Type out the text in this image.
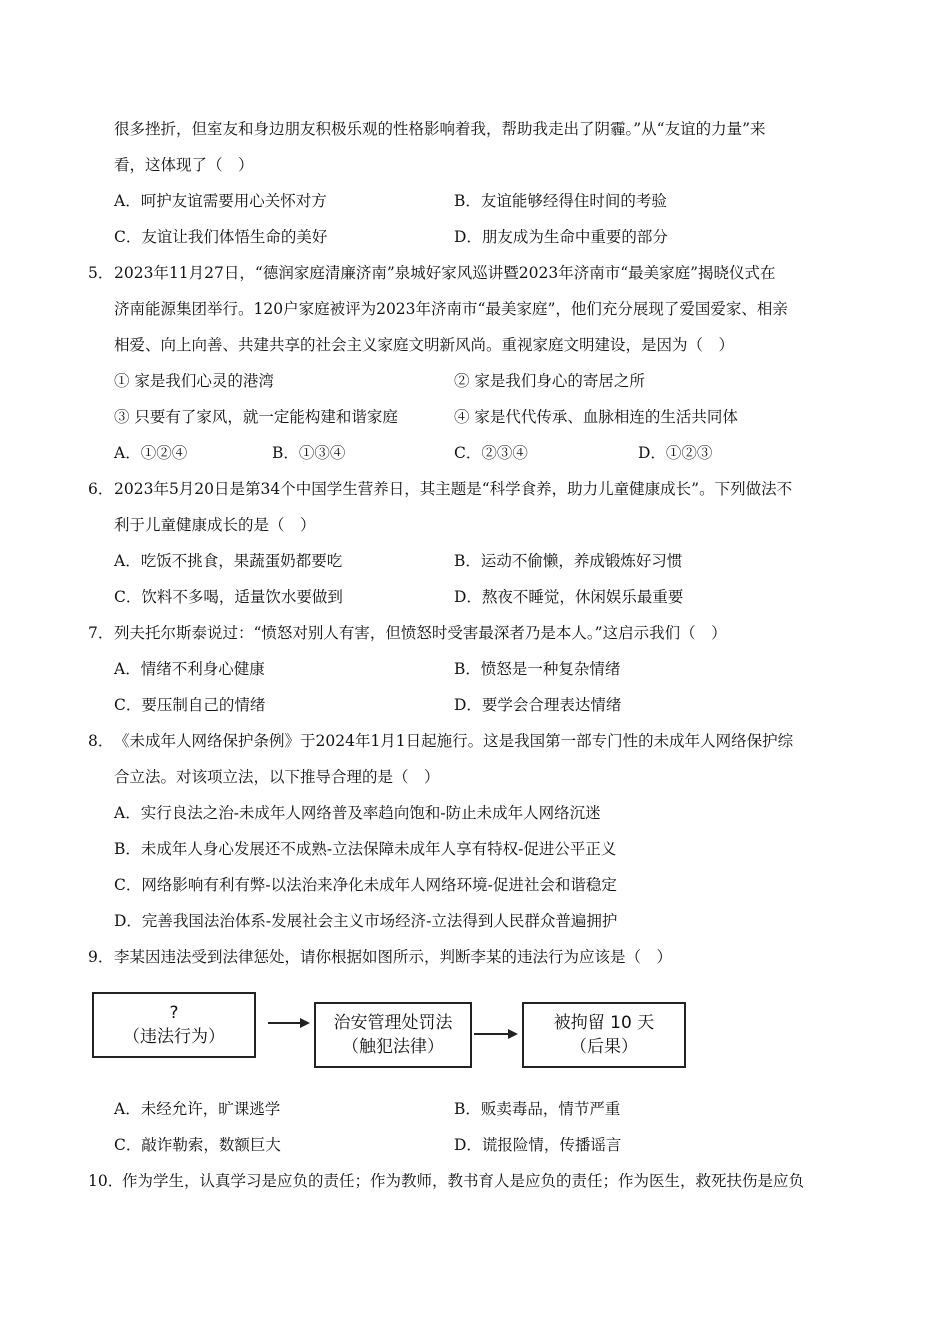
很多挫折，但室友和身边朋友积极乐观的性格影响着我，帮助我走出了阴霾。”从“友谊的力量”来
看，这体现了（　）
A．呵护友谊需要用心关怀对方	B．友谊能够经得住时间的考验
C．友谊让我们体悟生命的美好	D．朋友成为生命中重要的部分
5． 2023年11月27日，“德润家庭清廉济南”泉城好家风巡讲暨2023年济南市“最美家庭”揭晓仪式在
济南能源集团举行。120户家庭被评为2023年济南市“最美家庭”，他们充分展现了爱国爱家、相亲
相爱、向上向善、共建共享的社会主义家庭文明新风尚。重视家庭文明建设，是因为（　）
① 家是我们心灵的港湾	② 家是我们身心的寄居之所
③ 只要有了家风，就一定能构建和谐家庭	④ 家是代代传承、血脉相连的生活共同体
A．①②④	B．①③④	C．②③④	D．①②③
6． 2023年5月20日是第34个中国学生营养日，其主题是“科学食养，助力儿童健康成长”。下列做法不
利于儿童健康成长的是（　）
A．吃饭不挑食，果蔬蛋奶都要吃	B．运动不偷懒，养成锻炼好习惯
C．饮料不多喝，适量饮水要做到	D．熬夜不睡觉，休闲娱乐最重要
7． 列夫托尔斯泰说过：“愤怒对别人有害，但愤怒时受害最深者乃是本人。”这启示我们（　）
A．情绪不利身心健康	B．愤怒是一种复杂情绪
C．要压制自己的情绪	D．要学会合理表达情绪
8． 《未成年人网络保护条例》于2024年1月1日起施行。这是我国第一部专门性的未成年人网络保护综
合立法。对该项立法，以下推导合理的是（　）
A．实行良法之治-未成年人网络普及率趋向饱和-防止未成年人网络沉迷
B．未成年人身心发展还不成熟-立法保障未成年人享有特权-促进公平正义
C．网络影响有利有弊-以法治来净化未成年人网络环境-促进社会和谐稳定
D．完善我国法治体系-发展社会主义市场经济-立法得到人民群众普遍拥护
9． 李某因违法受到法律惩处，请你根据如图所示，判断李某的违法行为应该是（　）
?
（违法行为）
治安管理处罚法
（触犯法律）
被拘留 10 天
（后果）
A．未经允许，旷课逃学	B．贩卖毒品，情节严重
C．敲诈勒索，数额巨大	D．谎报险情，传播谣言
10．
作为学生，认真学习是应负的责任；作为教师，教书育人是应负的责任；作为医生，救死扶伤是应负
